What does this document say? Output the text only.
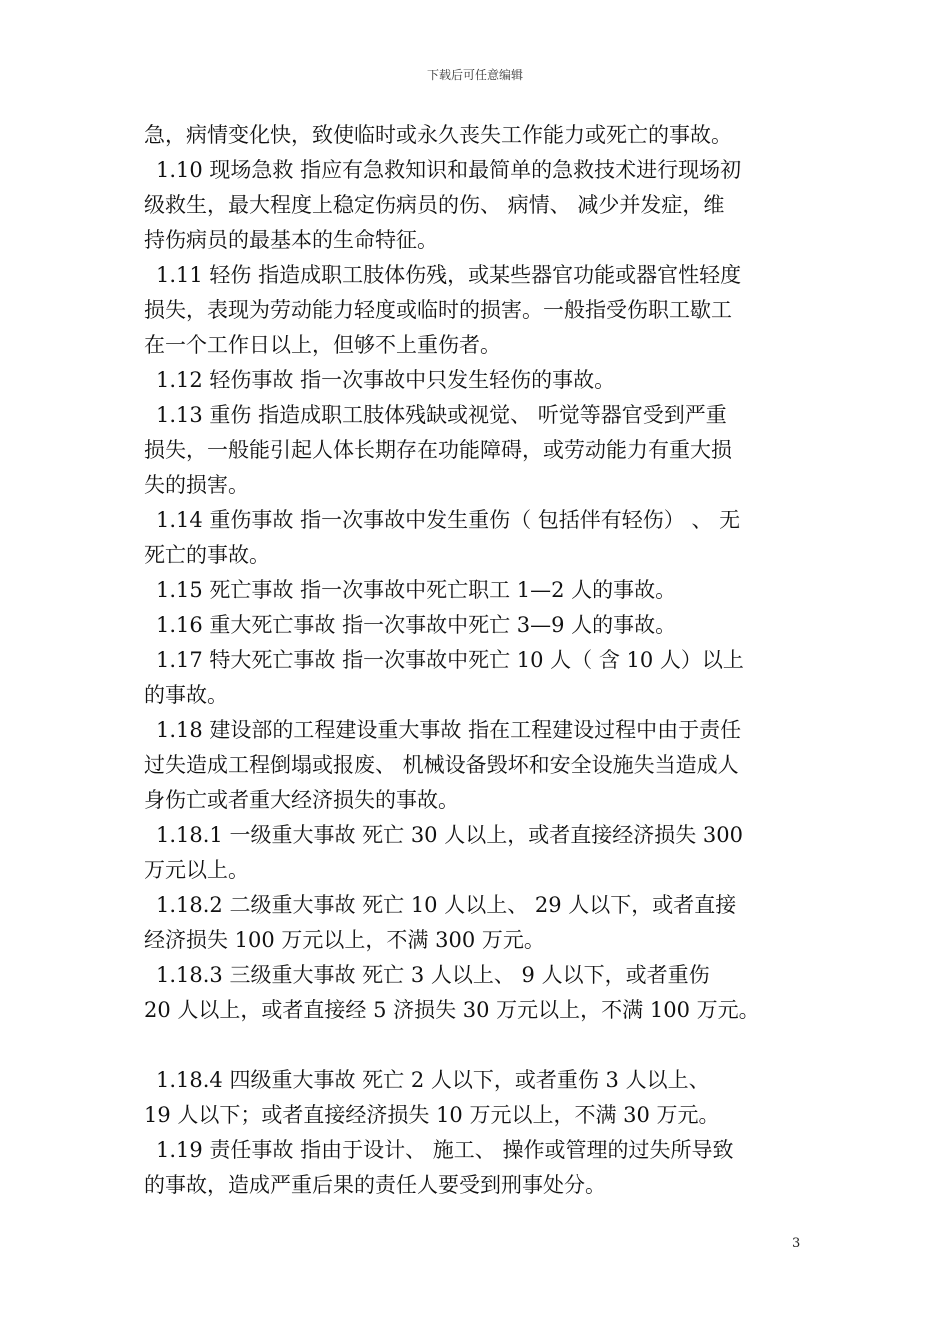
下载后可任意编辑
急，病情变化快，致使临时或永久丧失工作能力或死亡的事故。
1.10 现场急救 指应有急救知识和最简单的急救技术进行现场初
级救生，最大程度上稳定伤病员的伤、 病情、 减少并发症，维
持伤病员的最基本的生命特征。
1.11 轻伤 指造成职工肢体伤残，或某些器官功能或器官性轻度
损失，表现为劳动能力轻度或临时的损害。一般指受伤职工歇工
在一个工作日以上，但够不上重伤者。
1.12 轻伤事故 指一次事故中只发生轻伤的事故。
1.13 重伤 指造成职工肢体残缺或视觉、 听觉等器官受到严重
损失，一般能引起人体长期存在功能障碍，或劳动能力有重大损
失的损害。
1.14 重伤事故 指一次事故中发生重伤（ 包括伴有轻伤） 、 无
死亡的事故。
1.15 死亡事故 指一次事故中死亡职工 1—2 人的事故。
1.16 重大死亡事故 指一次事故中死亡 3—9 人的事故。
1.17 特大死亡事故 指一次事故中死亡 10 人（ 含 10 人）以上
的事故。
1.18 建设部的工程建设重大事故 指在工程建设过程中由于责任
过失造成工程倒塌或报废、 机械设备毁坏和安全设施失当造成人
身伤亡或者重大经济损失的事故。
1.18.1 一级重大事故 死亡 30 人以上，或者直接经济损失 300
万元以上。
1.18.2 二级重大事故 死亡 10 人以上、 29 人以下，或者直接
经济损失 100 万元以上，不满 300 万元。
1.18.3 三级重大事故 死亡 3 人以上、 9 人以下，或者重伤
20 人以上，或者直接经 5 济损失 30 万元以上，不满 100 万元。
1.18.4 四级重大事故 死亡 2 人以下，或者重伤 3 人以上、
19 人以下；或者直接经济损失 10 万元以上，不满 30 万元。
1.19 责任事故 指由于设计、 施工、 操作或管理的过失所导致
的事故，造成严重后果的责任人要受到刑事处分。
3
